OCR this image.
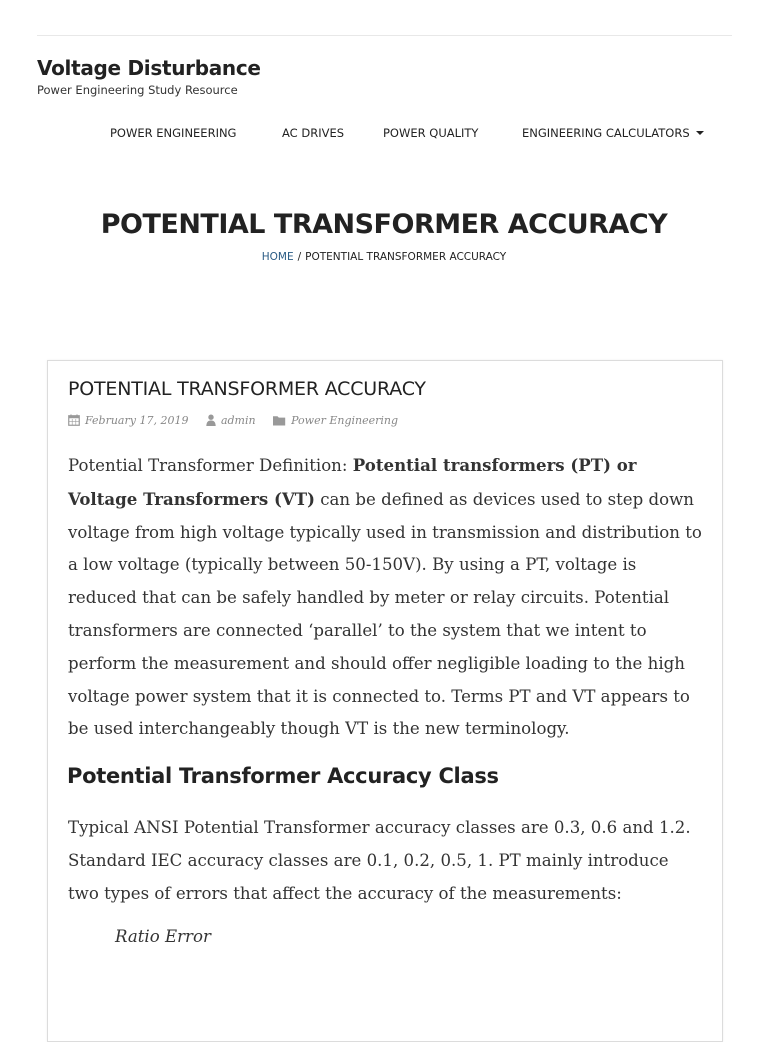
Voltage Disturbance
Power Engineering Study Resource
POWER ENGINEERING	AC DRIVES	POWER QUALITY	ENGINEERING CALCULATORS
POTENTIAL TRANSFORMER ACCURACY
HOME / POTENTIAL TRANSFORMER ACCURACY
POTENTIAL TRANSFORMER ACCURACY
February 17, 2019	admin	Power Engineering

Potential Transformer Definition: Potential transformers (PT) or Voltage Transformers (VT) can be defined as devices used to step down voltage from high voltage typically used in transmission and distribution to a low voltage (typically between 50-150V). By using a PT, voltage is reduced that can be safely handled by meter or relay circuits. Potential transformers are connected ‘parallel’ to the system that we intent to perform the measurement and should offer negligible loading to the high voltage power system that it is connected to. Terms PT and VT appears to be used interchangeably though VT is the new terminology.

Potential Transformer Accuracy Class

Typical ANSI Potential Transformer accuracy classes are 0.3, 0.6 and 1.2. Standard IEC accuracy classes are 0.1, 0.2, 0.5, 1. PT mainly introduce two types of errors that affect the accuracy of the measurements:

Ratio Error
